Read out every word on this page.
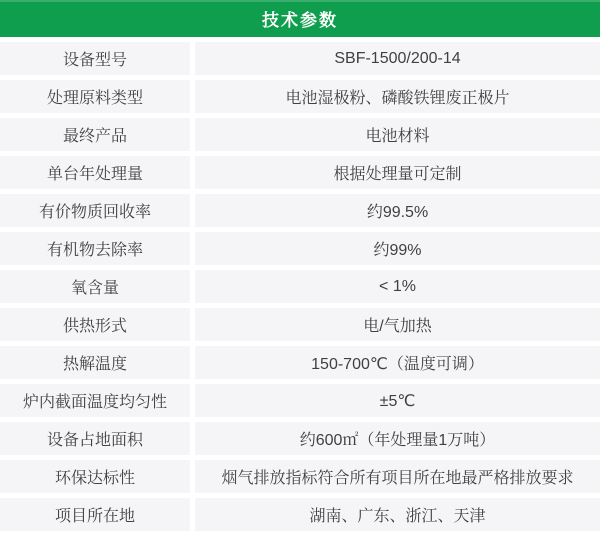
技术参数
设备型号	SBF-1500/200-14
处理原料类型	电池湿极粉、磷酸铁锂废正极片
最终产品	电池材料
单台年处理量	根据处理量可定制
有价物质回收率	约99.5%
有机物去除率	约99%
氧含量	< 1%
供热形式	电/气加热
热解温度	150-700℃（温度可调）
炉内截面温度均匀性	±5℃
设备占地面积	约600㎡（年处理量1万吨）
环保达标性	烟气排放指标符合所有项目所在地最严格排放要求
项目所在地	湖南、广东、浙江、天津
